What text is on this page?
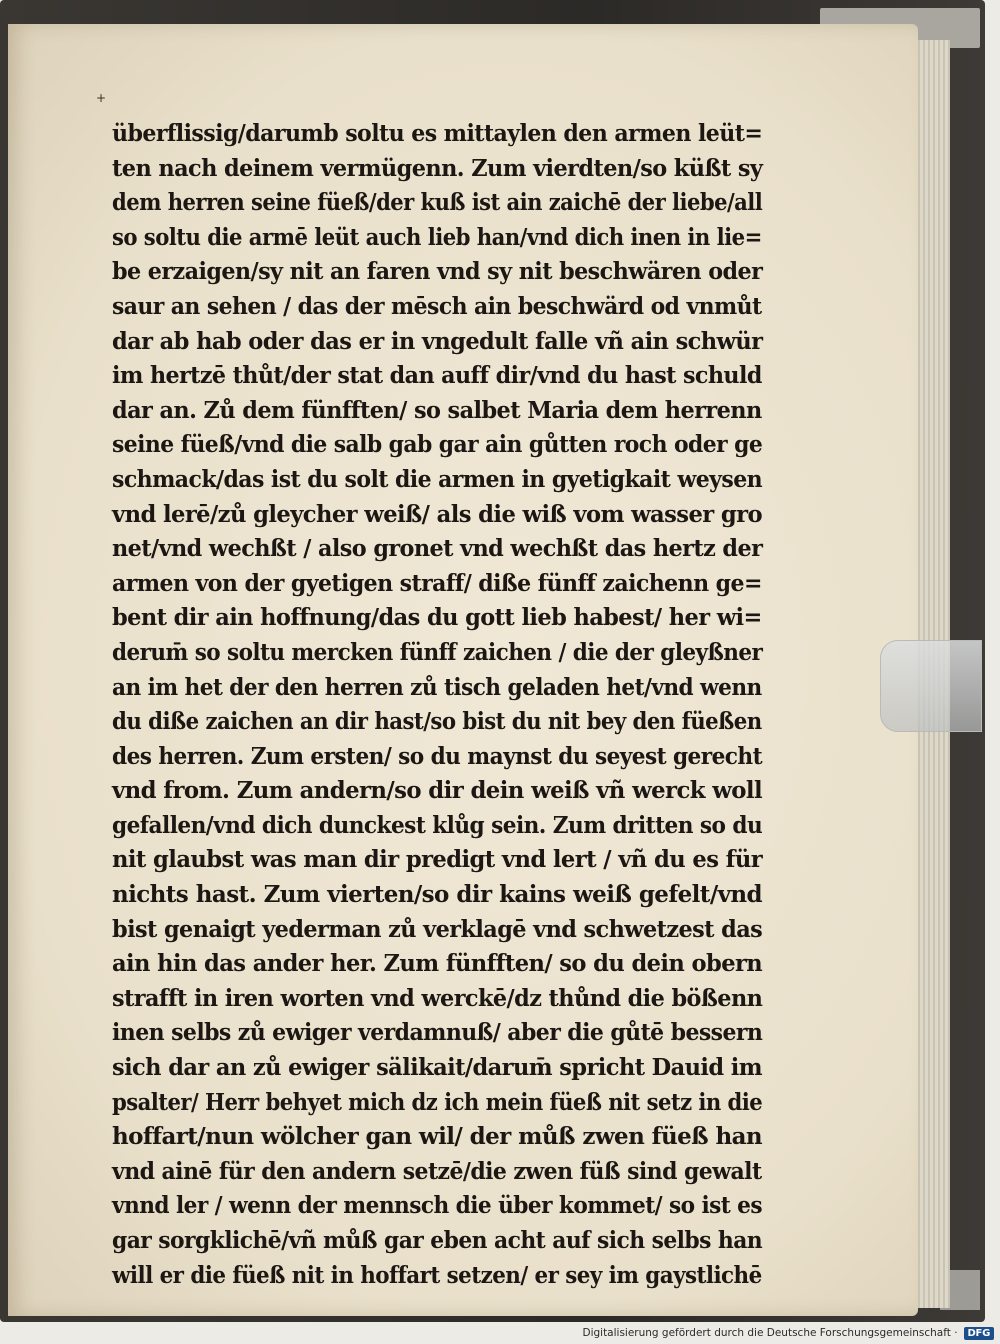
+
überflissig/darumb soltu es mittaylen den armen leüt=
ten nach deinem vermügenn. Zum vierdten/so küßt sy
dem herren seine füeß/der kuß ist ain zaichē der liebe/all
so soltu die armē leüt auch lieb han/vnd dich inen in lie=
be erzaigen/sy nit an faren vnd sy nit beschwären oder
saur an sehen / das der mēsch ain beschwärd od vnmůt
dar ab hab oder das er in vngedult falle vñ ain schwür
im hertzē thůt/der stat dan auff dir/vnd du hast schuld
dar an. Zů dem fünfften/ so salbet Maria dem herrenn
seine füeß/vnd die salb gab gar ain gůtten roch oder ge
schmack/das ist du solt die armen in gyetigkait weysen
vnd lerē/zů gleycher weiß/ als die wiß vom wasser gro
net/vnd wechßt / also gronet vnd wechßt das hertz der
armen von der gyetigen straff/ diße fünff zaichenn ge=
bent dir ain hoffnung/das du gott lieb habest/ her wi=
derum̄ so soltu mercken fünff zaichen / die der gleyßner
an im het der den herren zů tisch geladen het/vnd wenn
du diße zaichen an dir hast/so bist du nit bey den füeßen
des herren. Zum ersten/ so du maynst du seyest gerecht
vnd from. Zum andern/so dir dein weiß vñ werck woll
gefallen/vnd dich dunckest klůg sein. Zum dritten so du
nit glaubst was man dir predigt vnd lert / vñ du es für
nichts hast. Zum vierten/so dir kains weiß gefelt/vnd
bist genaigt yederman zů verklagē vnd schwetzest das
ain hin das ander her. Zum fünfften/ so du dein obern
strafft in iren worten vnd werckē/dz thůnd die bößenn
inen selbs zů ewiger verdamnuß/ aber die gůtē bessern
sich dar an zů ewiger sälikait/darum̄ spricht Dauid im
psalter/ Herr behyet mich dz ich mein füeß nit setz in die
hoffart/nun wölcher gan wil/ der můß zwen füeß han
vnd ainē für den andern setzē/die zwen füß sind gewalt
vnnd ler / wenn der mennsch die über kommet/ so ist es
gar sorgklichē/vñ můß gar eben acht auf sich selbs han
will er die füeß nit in hoffart setzen/ er sey im gaystlichē
Digitalisierung gefördert durch die Deutsche Forschungsgemeinschaft ·	DFG
